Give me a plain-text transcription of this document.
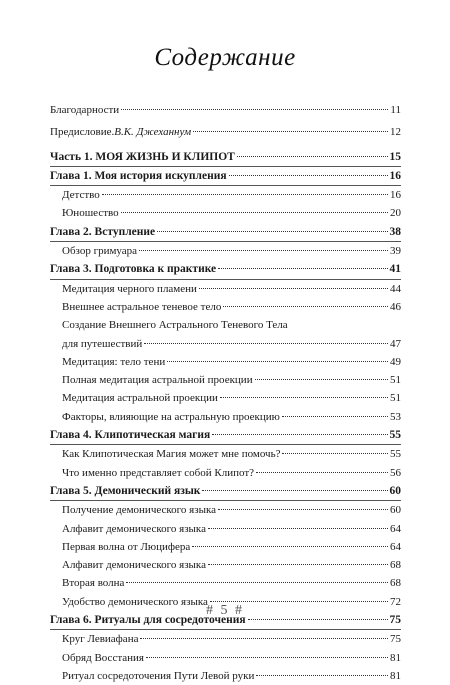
Содержание
Благодарности	11
Предисловие. В.К. Джеханнум	12
Часть 1. МОЯ ЖИЗНЬ И КЛИПОТ	15
Глава 1. Моя история искупления	16
Детство	16
Юношество	20
Глава 2. Вступление	38
Обзор гримуара	39
Глава 3. Подготовка к практике	41
Медитация черного пламени	44
Внешнее астральное теневое тело	46
Создание Внешнего Астрального Теневого Тела
для путешествий	47
Медитация: тело тени	49
Полная медитация астральной проекции	51
Медитация астральной проекции	51
Факторы, влияющие на астральную проекцию	53
Глава 4. Клипотическая магия	55
Как Клипотическая Магия может мне помочь?	55
Что именно представляет собой Клипот?	56
Глава 5. Демонический язык	60
Получение демонического языка	60
Алфавит демонического языка	64
Первая волна от Люцифера	64
Алфавит демонического языка	68
Вторая волна	68
Удобство демонического языка	72
Глава 6. Ритуалы для сосредоточения	75
Круг Левиафана	75
Обряд Восстания	81
Ритуал сосредоточения Пути Левой руки	81
# 5 #
